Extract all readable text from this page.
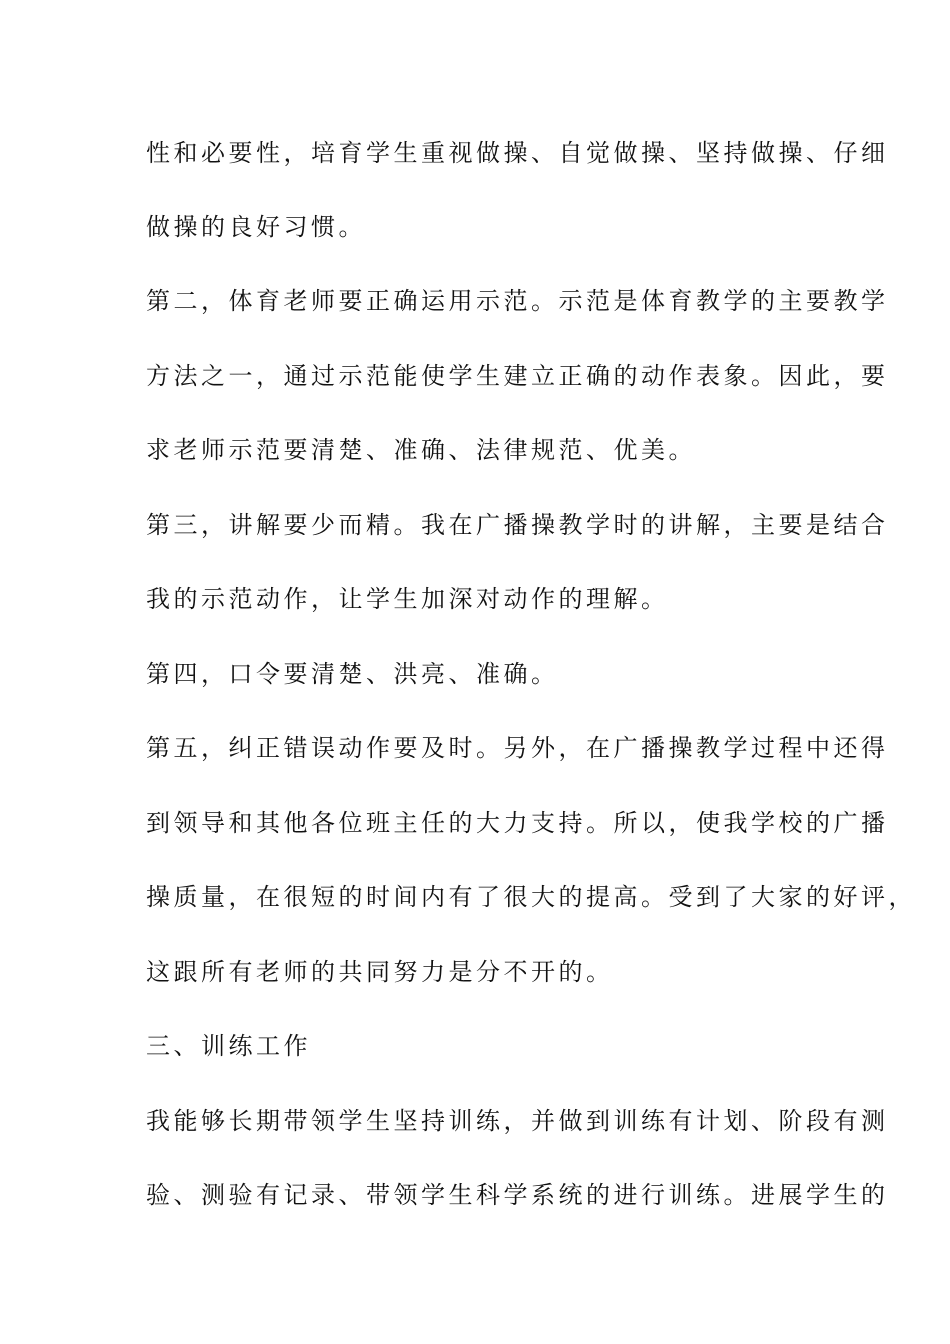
性和必要性，培育学生重视做操、自觉做操、坚持做操、仔细

做操的良好习惯。

第二，体育老师要正确运用示范。示范是体育教学的主要教学

方法之一，通过示范能使学生建立正确的动作表象。因此，要

求老师示范要清楚、准确、法律规范、优美。

第三，讲解要少而精。我在广播操教学时的讲解，主要是结合

我的示范动作，让学生加深对动作的理解。

第四，口令要清楚、洪亮、准确。

第五，纠正错误动作要及时。另外，在广播操教学过程中还得

到领导和其他各位班主任的大力支持。所以，使我学校的广播

操质量，在很短的时间内有了很大的提高。受到了大家的好评，

这跟所有老师的共同努力是分不开的。

三、训练工作

我能够长期带领学生坚持训练，并做到训练有计划、阶段有测

验、测验有记录、带领学生科学系统的进行训练。进展学生的
